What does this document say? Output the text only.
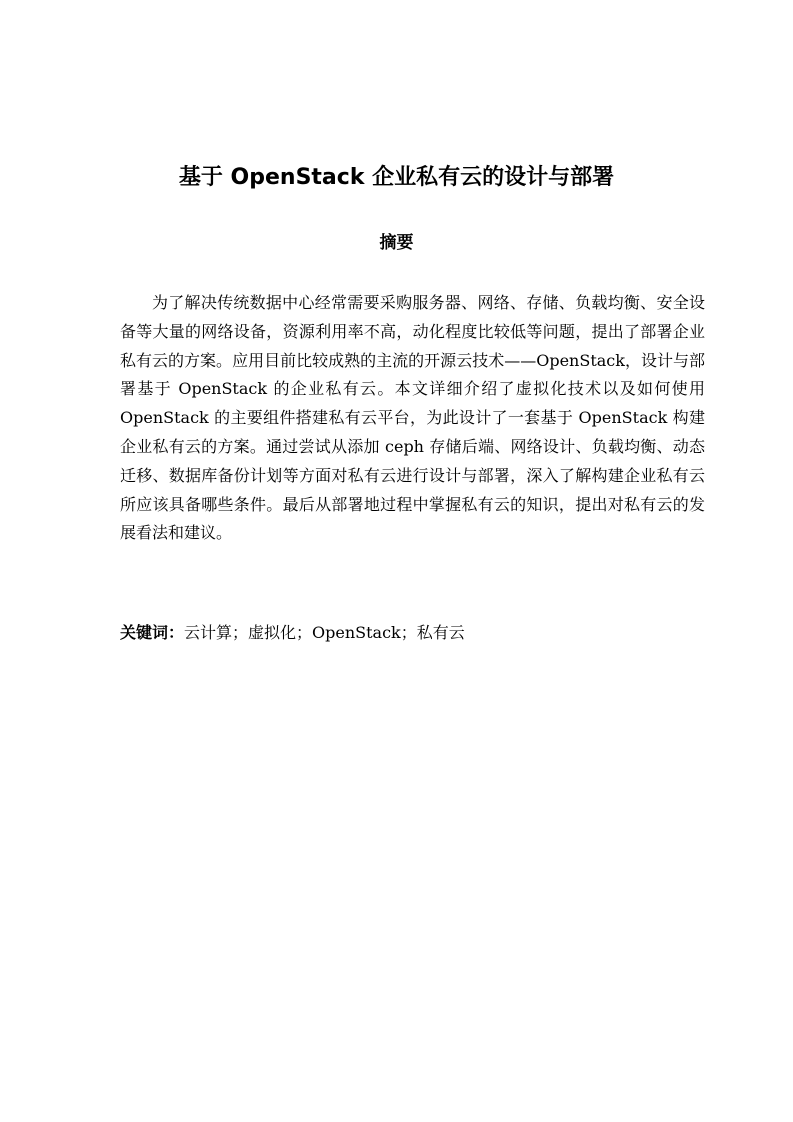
基于 OpenStack 企业私有云的设计与部署
摘要

为了解决传统数据中心经常需要采购服务器、网络、存储、负载均衡、安全设备等大量的网络设备，资源利用率不高，动化程度比较低等问题，提出了部署企业私有云的方案。应用目前比较成熟的主流的开源云技术——OpenStack，设计与部署基于 OpenStack 的企业私有云。本文详细介绍了虚拟化技术以及如何使用 OpenStack 的主要组件搭建私有云平台，为此设计了一套基于 OpenStack 构建企业私有云的方案。通过尝试从添加 ceph 存储后端、网络设计、负载均衡、动态迁移、数据库备份计划等方面对私有云进行设计与部署，深入了解构建企业私有云所应该具备哪些条件。最后从部署地过程中掌握私有云的知识，提出对私有云的发展看法和建议。

关键词：云计算；虚拟化；OpenStack；私有云
